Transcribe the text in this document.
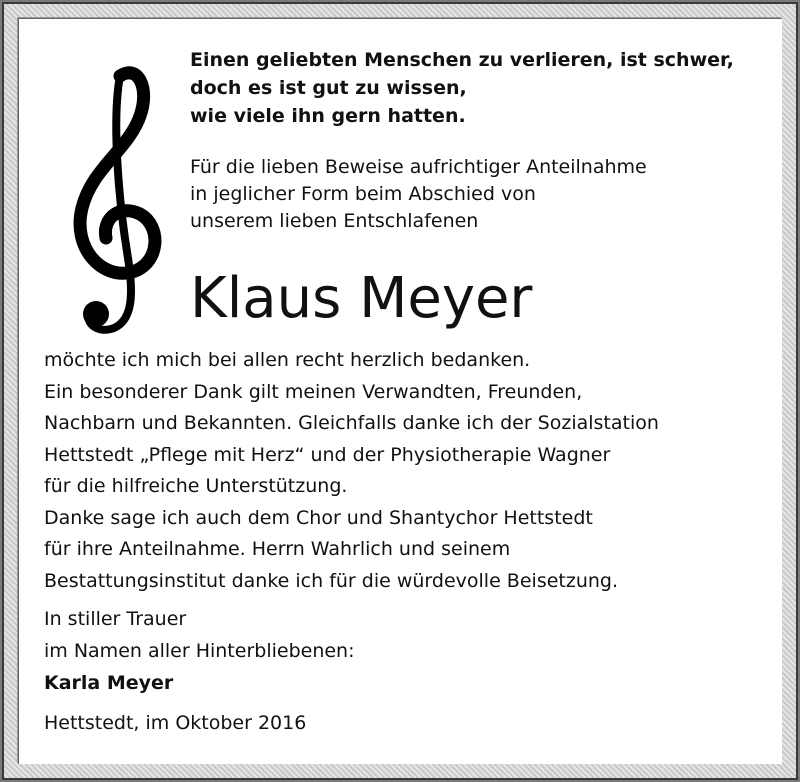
Einen geliebten Menschen zu verlieren, ist schwer,
doch es ist gut zu wissen,
wie viele ihn gern hatten.
Für die lieben Beweise aufrichtiger Anteilnahme
in jeglicher Form beim Abschied von
unserem lieben Entschlafenen
Klaus Meyer
möchte ich mich bei allen recht herzlich bedanken.
Ein besonderer Dank gilt meinen Verwandten, Freunden,
Nachbarn und Bekannten. Gleichfalls danke ich der Sozialstation
Hettstedt „Pflege mit Herz“ und der Physiotherapie Wagner
für die hilfreiche Unterstützung.
Danke sage ich auch dem Chor und Shantychor Hettstedt
für ihre Anteilnahme. Herrn Wahrlich und seinem
Bestattungsinstitut danke ich für die würdevolle Beisetzung.
In stiller Trauer
im Namen aller Hinterbliebenen:
Karla Meyer
Hettstedt, im Oktober 2016
